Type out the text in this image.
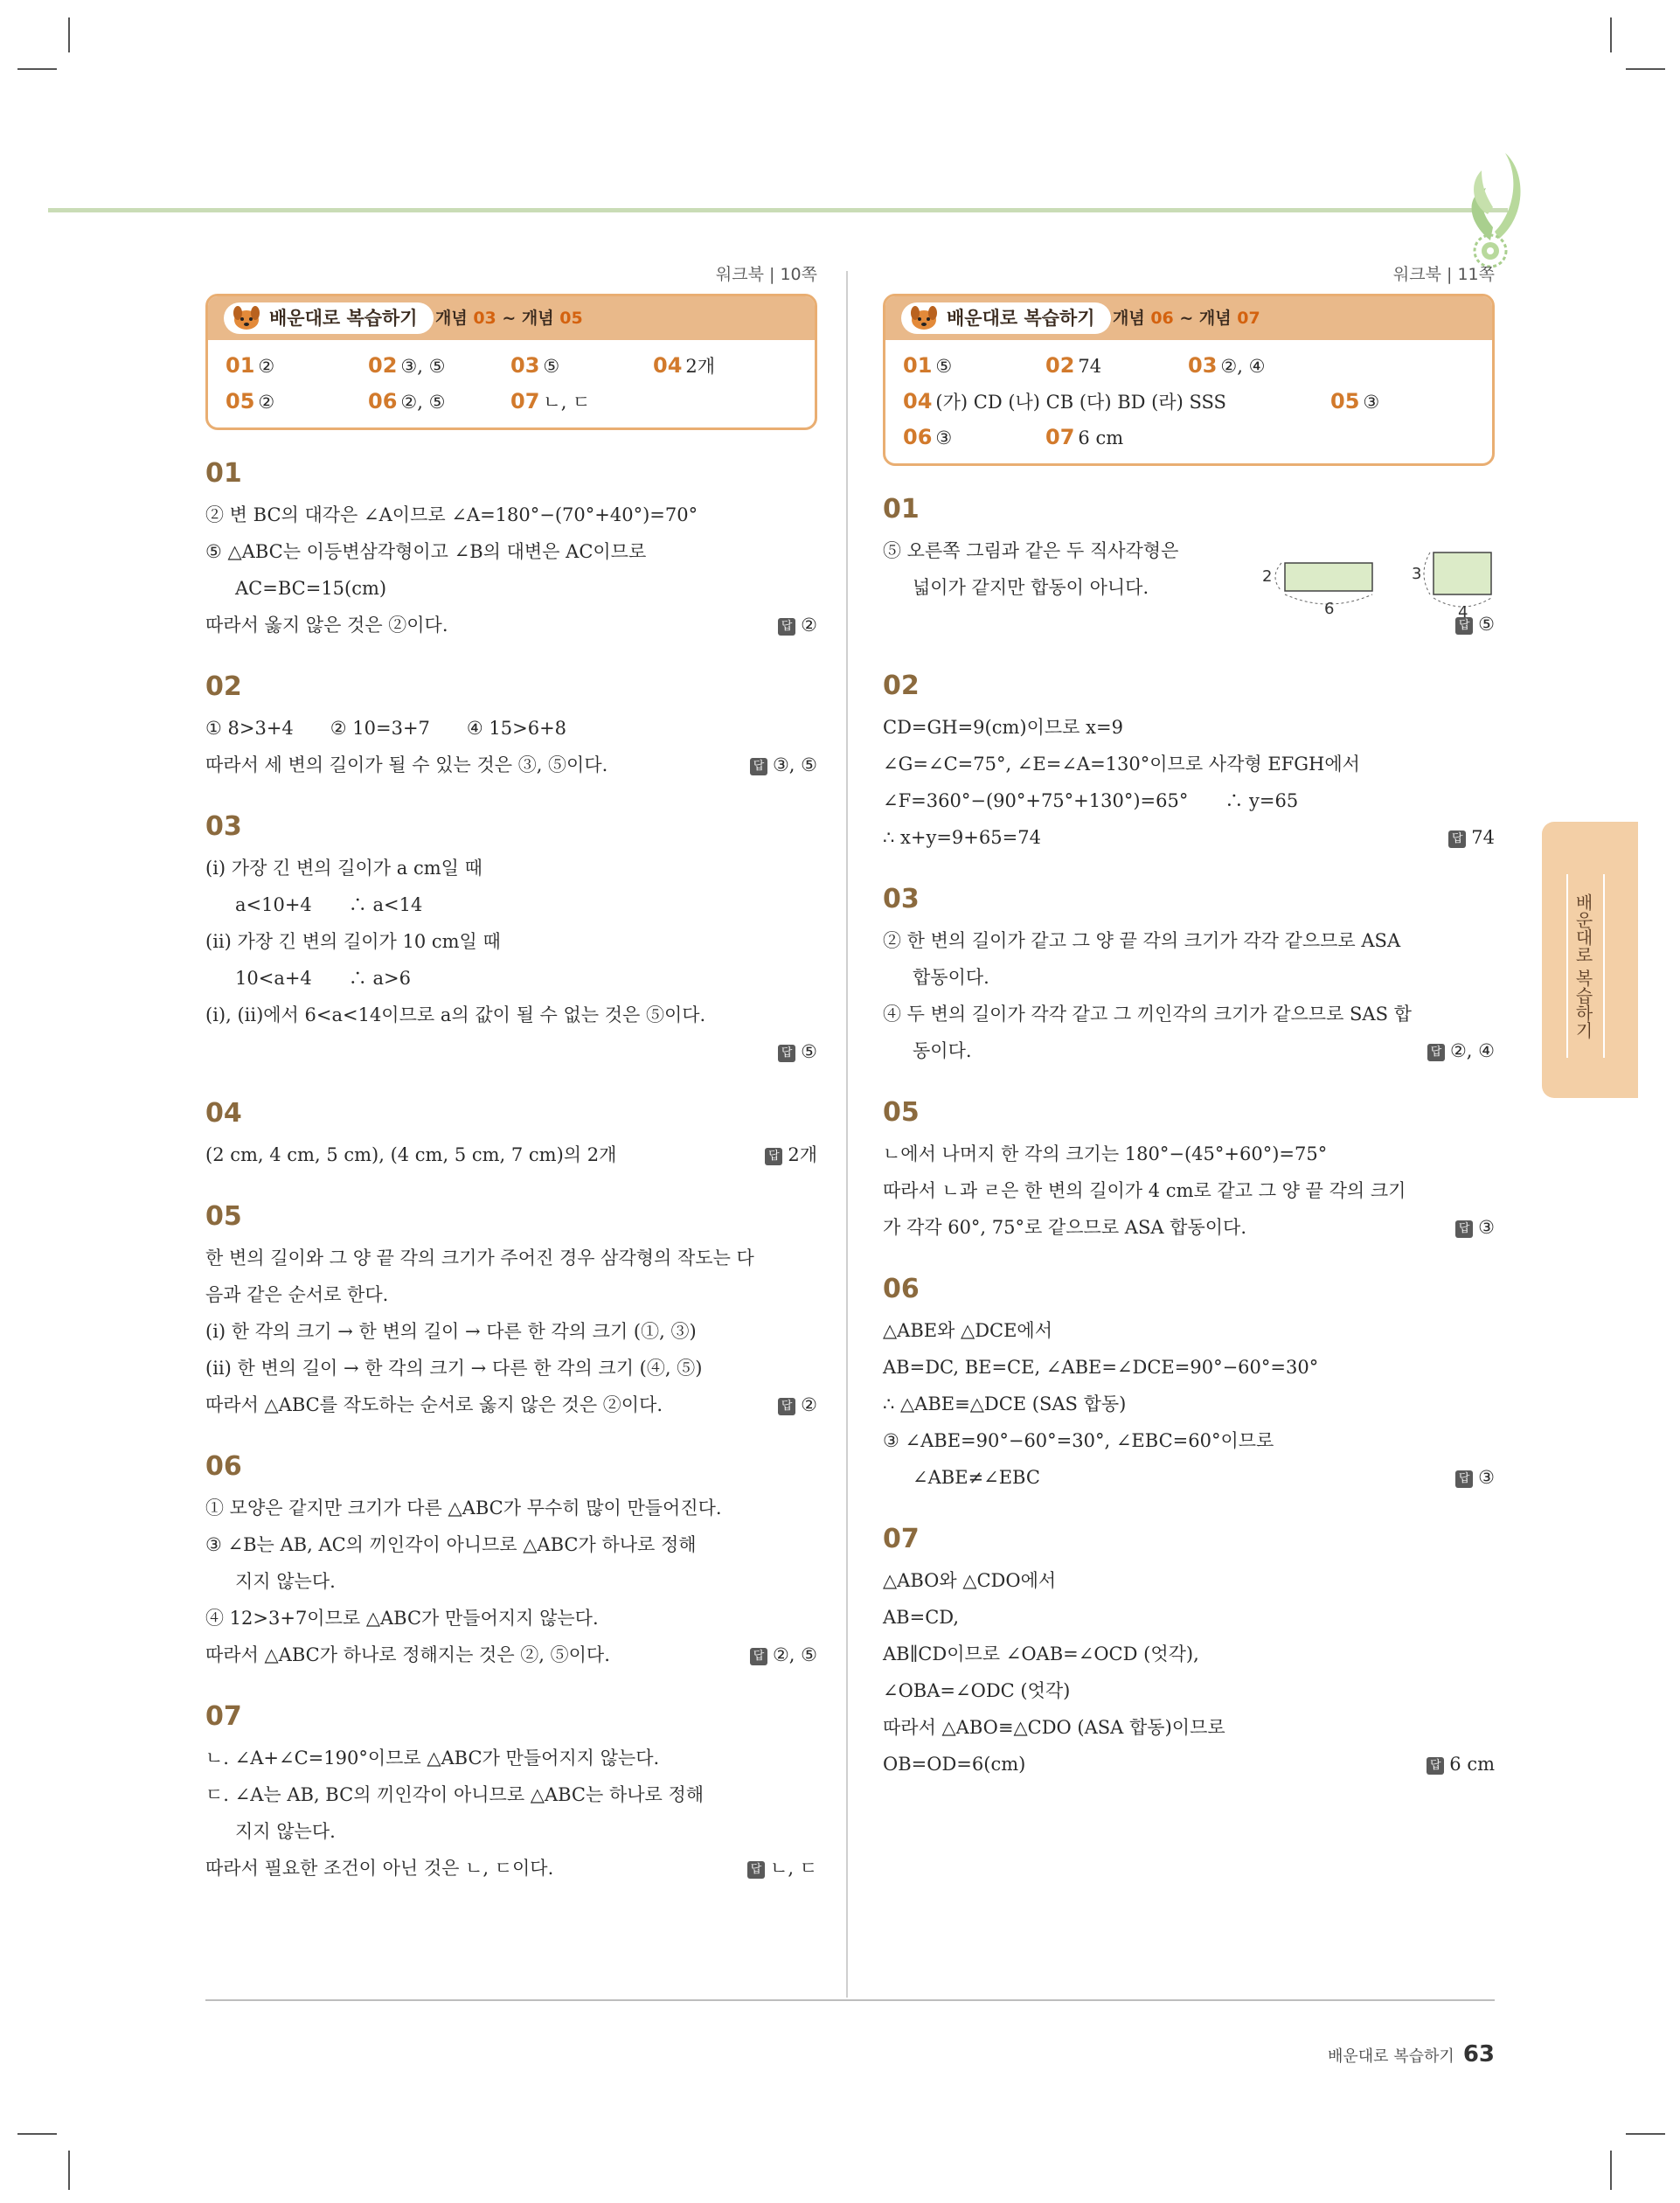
워크북 | 10쪽
배운대로 복습하기	개념 03 ~ 개념 05
01 ②	02 ③, ⑤	03 ⑤	04 2개
05 ②	06 ②, ⑤	07 ㄴ, ㄷ
01
② 변 BC의 대각은 ∠A이므로 ∠A=180°−(70°+40°)=70°
⑤ △ABC는 이등변삼각형이고 ∠B의 대변은 AC이므로
AC=BC=15(cm)
답 ②
따라서 옳지 않은 것은 ②이다.
02
① 8>3+4　　② 10=3+7　　④ 15>6+8
답 ③, ⑤
따라서 세 변의 길이가 될 수 있는 것은 ③, ⑤이다.
03
(ⅰ) 가장 긴 변의 길이가 a cm일 때
a<10+4　　∴ a<14
(ⅱ) 가장 긴 변의 길이가 10 cm일 때
10<a+4　　∴ a>6
(ⅰ), (ⅱ)에서 6<a<14이므로 a의 값이 될 수 없는 것은 ⑤이다.
답 ⑤
04
답 2개
(2 cm, 4 cm, 5 cm), (4 cm, 5 cm, 7 cm)의 2개
05
한 변의 길이와 그 양 끝 각의 크기가 주어진 경우 삼각형의 작도는 다
음과 같은 순서로 한다.
(ⅰ) 한 각의 크기 → 한 변의 길이 → 다른 한 각의 크기 (①, ③)
(ⅱ) 한 변의 길이 → 한 각의 크기 → 다른 한 각의 크기 (④, ⑤)
답 ②
따라서 △ABC를 작도하는 순서로 옳지 않은 것은 ②이다.
06
① 모양은 같지만 크기가 다른 △ABC가 무수히 많이 만들어진다.
③ ∠B는 AB, AC의 끼인각이 아니므로 △ABC가 하나로 정해
지지 않는다.
④ 12>3+7이므로 △ABC가 만들어지지 않는다.
답 ②, ⑤
따라서 △ABC가 하나로 정해지는 것은 ②, ⑤이다.
07
ㄴ. ∠A+∠C=190°이므로 △ABC가 만들어지지 않는다.
ㄷ. ∠A는 AB, BC의 끼인각이 아니므로 △ABC는 하나로 정해
지지 않는다.
답 ㄴ, ㄷ
따라서 필요한 조건이 아닌 것은 ㄴ, ㄷ이다.
워크북 | 11쪽
배운대로 복습하기	개념 06 ~ 개념 07
01 ⑤	02 74	03 ②, ④
04 (가) CD (나) CB (다) BD (라) SSS	05 ③
06 ③	07 6 cm
01
⑤ 오른쪽 그림과 같은 두 직사각형은
넓이가 같지만 합동이 아니다.
답 ⑤
02
CD=GH=9(cm)이므로 x=9
∠G=∠C=75°, ∠E=∠A=130°이므로 사각형 EFGH에서
∠F=360°−(90°+75°+130°)=65°　　∴ y=65
답 74
∴ x+y=9+65=74
03
② 한 변의 길이가 같고 그 양 끝 각의 크기가 각각 같으므로 ASA
합동이다.
④ 두 변의 길이가 각각 같고 그 끼인각의 크기가 같으므로 SAS 합
답 ②, ④
동이다.
05
ㄴ에서 나머지 한 각의 크기는 180°−(45°+60°)=75°
따라서 ㄴ과 ㄹ은 한 변의 길이가 4 cm로 같고 그 양 끝 각의 크기
답 ③
가 각각 60°, 75°로 같으므로 ASA 합동이다.
06
△ABE와 △DCE에서
AB=DC, BE=CE, ∠ABE=∠DCE=90°−60°=30°
∴ △ABE≡△DCE (SAS 합동)
③ ∠ABE=90°−60°=30°, ∠EBC=60°이므로
답 ③
∠ABE≠∠EBC
07
△ABO와 △CDO에서
AB=CD,
AB∥CD이므로 ∠OAB=∠OCD (엇각),
∠OBA=∠ODC (엇각)
따라서 △ABO≡△CDO (ASA 합동)이므로
답 6 cm
OB=OD=6(cm)
2
6
3
4
배운대로 복습하기
배운대로 복습하기 63
